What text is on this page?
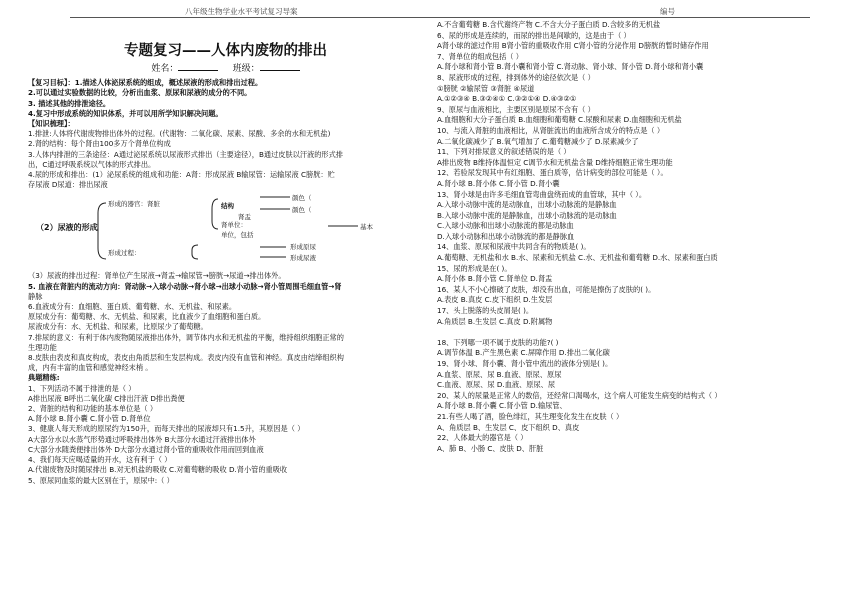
八年级生物学业水平考试复习导案	编号
专题复习——人体内废物的排出
姓名：	班级：
【复习目标】：1.描述人体泌尿系统的组成，概述尿液的形成和排出过程。
2.可以通过实验数据的比较，分析出血浆、原尿和尿液的成分的不同。
3. 描述其他的排泄途径。
4.复习中形成系统的知识体系，并可以用所学知识解决问题。
【知识梳理】：
1.排泄:人体将代谢废物排出体外的过程。(代谢物：二氧化碳、尿素、尿酸、多余的水和无机盐)
2.肾的结构：每个肾由100多万个肾单位构成
3.人体内排泄的三条途径：A通过泌尿系统以尿液形式排出（主要途径），B通过皮肤以汗液的形式排
出，C通过呼吸系统以气体的形式排出。
4.尿的形成和排出：(1）泌尿系统的组成和功能：A肾：形成尿液 B输尿管：运输尿液 C膀胱：贮
存尿液 D尿道：排出尿液
（2）尿液的形成
形成的器官：肾脏	结构
颜色（
肾盂
颜色（
肾单位：	基本
单位，包括
形成过程：
形成原尿
形成尿液
（3）尿液的排出过程：肾单位产生尿液→肾盂→输尿管→膀胱→尿道→排出体外。
5. 血液在肾脏内的流动方向：肾动脉→入球小动脉→肾小球→出球小动脉→肾小管周围毛细血管→肾
静脉
6.血液成分有：血细胞、蛋白质、葡萄糖、水、无机盐、和尿素。
原尿成分有：葡萄糖、水、无机盐、和尿素，比血液少了血细胞和蛋白质。
尿液成分有：水、无机盐、和尿素，比原尿少了葡萄糖。
7.排尿的意义：有利于体内废物随尿液排出体外，调节体内水和无机盐的平衡，维持组织细胞正常的
生理功能
8.皮肤由表皮和真皮构成，表皮由角质层和生发层构成。表皮内没有血管和神经。真皮由结缔组织构
成，内有丰富的血管和感觉神经末梢 。
典题精练:
1、下列活动不属于排泄的是（ ）
A排出尿液 B呼出二氧化碳 C排出汗液 D排出粪便
2、肾脏的结构和功能的基本单位是（ ）
A.肾小球 B.肾小囊 C.肾小管 D.肾单位
3、健康人每天形成的原尿约为150升，而每天排出的尿液却只有1.5升，其原因是（ ）
A大部分水以水蒸气形势通过呼吸排出体外 B大部分水通过汗液排出体外
C大部分水随粪便排出体外 D大部分水通过肾小管的重吸收作用而回到血液
4、我们每天应喝适量的开水，这有利于（ ）
A.代谢废物及时随尿排出 B.对无机盐的吸收 C.对葡萄糖的吸收 D.肾小管的重吸收
5、原尿同血浆的最大区别在于，原尿中:（ ）
A.不含葡萄糖 B.含代谢终产物 C.不含大分子蛋白质 D.含较多的无机盐
6、尿的形成是连续的，而尿的排出是间歇的，这是由于（ ）
A肾小球的滤过作用 B肾小管的重吸收作用 C肾小管的分泌作用 D膀胱的暂时储存作用
7、肾单位的组成包括（ ）
A.肾小球和肾小管 B.肾小囊和肾小管 C.肾动脉、肾小球、肾小管 D.肾小球和肾小囊
8、尿液形成的过程，排到体外的途径依次是（ ）
①膀胱 ②输尿管 ③肾脏 ④尿道
A.①②③④ B.③②④① C.③②①④ D.④③②①
9、原尿与血液相比，主要区别是原尿不含有（ ）
A.血细胞和大分子蛋白质 B.血细胞和葡萄糖 C.尿酸和尿素 D.血细胞和无机盐
10、与流入肾脏的血液相比，从肾脏流出的血液所含成分的特点是（ ）
A.二氧化碳减少了 B.氧气增加了 C.葡萄糖减少了 D.尿素减少了
11、下列对排尿意义的叙述错误的是（ ）
A排出废物 B维持体温恒定 C调节水和无机盐含量 D维持细胞正常生理功能
12、若验尿发现其中有红细胞、蛋白质等，估计病变的部位可能是（ ）。
A.肾小球 B.肾小体 C.肾小管 D.肾小囊
13、肾小球是由许多毛细血管弯曲盘绕而成的血管球，其中（ ）。
A.入球小动脉中流的是动脉血，出球小动脉流的是静脉血
B.入球小动脉中流的是静脉血，出球小动脉流的是动脉血
C.入球小动脉和出球小动脉流的都是动脉血
D.入球小动脉和出球小动脉流的都是静脉血
14、血浆、原尿和尿液中共同含有的物质是( )。
A.葡萄糖、无机盐和水 B.水、尿素和无机盐 C.水、无机盐和葡萄糖 D.水、尿素和蛋白质
15、尿的形成是在( )。
A.肾小体 B.肾小管 C.肾单位 D.肾盂
16、某人不小心擦破了皮肤，却没有出血，可能是擦伤了皮肤的( )。
A.表皮 B.真皮 C.皮下组织 D.生发层
17、头上脱落的头皮屑是( )。
A.角质层 B.生发层 C.真皮 D.附属物
18、下列哪一项不属于皮肤的功能?( )
A.调节体温 B.产生黑色素 C.屏障作用 D.排出二氧化碳
19、肾小球、肾小囊、肾小管中流出的液体分别是( )。
A.血浆、原尿、尿 B.血液、原尿、原尿
C.血液、原尿、尿 D.血液、原尿、尿
20、某人的尿量是正常人的数倍，还经常口渴喝水，这个病人可能发生病变的结构式（ ）
A.肾小球 B.肾小囊 C.肾小管 D.输尿管、
21.有些人喝了酒，脸色绯红，其生理变化发生在皮肤（ ）
A、角质层 B、生发层 C、皮下组织 D、真皮
22、人体最大的器官是（ ）
A、肺 B、小肠 C、皮肤 D、肝脏
